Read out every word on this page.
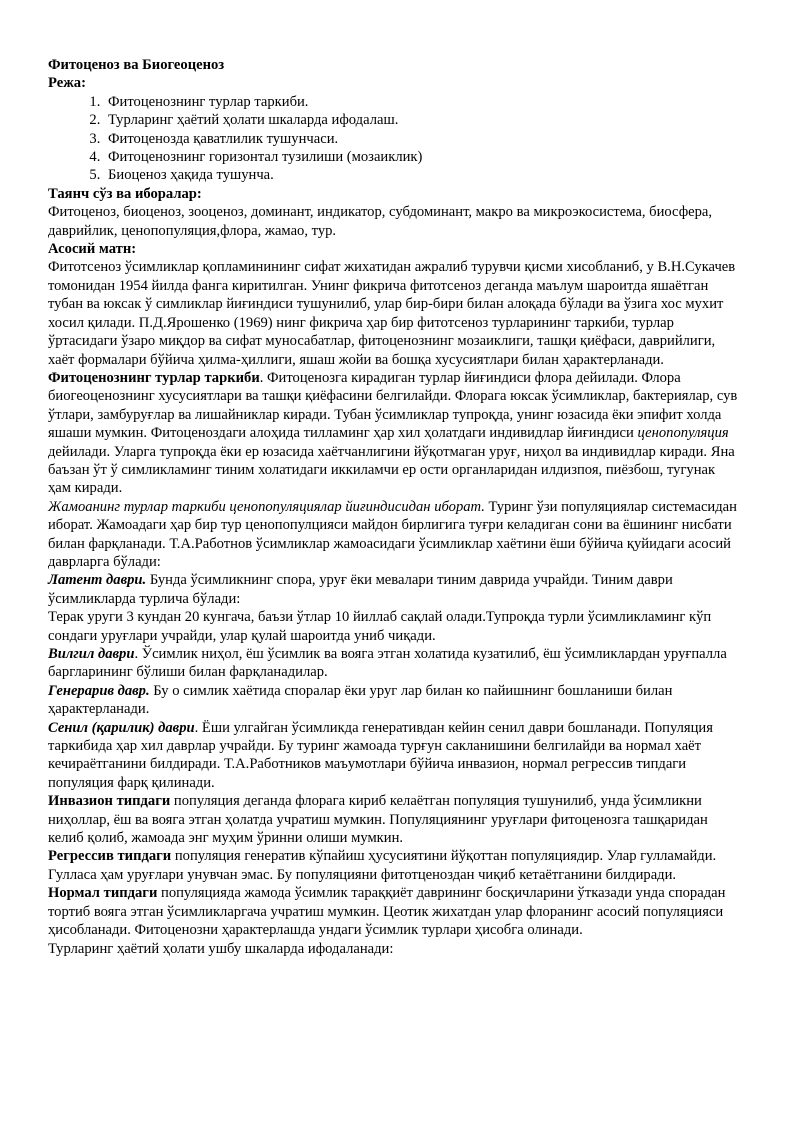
Фитоценоз ва Биогеоценоз

Режа:

1. Фитоценознинг турлар таркиби.
2. Турларинг ҳаётий ҳолати шкаларда ифодалаш.
3. Фитоценозда қаватлилик тушунчаси.
4. Фитоценознинг горизонтал тузилиши (мозаиклик)
5. Биоценоз ҳақида тушунча.

Таянч сўз ва иборалар:

Фитоценоз, биоценоз, зооценоз, доминант, индикатор, субдоминант, макро ва микроэкосистема, биосфера, даврийлик, ценопопуляция,флора, жамао, тур.

Асосий матн:

Фитотсеноз ўсимликлар қопламинининг сифат жихатидан ажралиб турувчи қисми хисобланиб, у В.Н.Сукачев томонидан 1954 йилда фанга киритилган. Унинг фикрича фитотсеноз деганда маълум шароитда яшаётган тубан ва юксак ў симликлар йиғиндиси тушунилиб, улар бир-бири билан алоқада бўлади ва ўзига хос мухит хосил қилади. П.Д.Ярошенко (1969) нинг фикрича ҳар бир фитотсеноз турларининг таркиби, турлар ўртасидаги ўзаро миқдор ва сифат муносабатлар, фитоценознинг мозаиклиги, ташқи қиёфаси, даврийлиги, хаёт формалари бўйича ҳилма-ҳиллиги, яшаш жойи ва бошқа хусусиятлари билан ҳарактерланади.

Фитоценознинг турлар таркиби. Фитоценозга кирадиган турлар йиғиндиси флора дейилади. Флора биогеоценознинг хусусиятлари ва ташқи қиёфасини белгилайди. Флорага юксак ўсимликлар, бактериялар, сув ўтлари, замбуруғлар ва лишайниклар киради. Тубан ўсимликлар тупроқда, унинг юзасида ёки эпифит холда яшаши мумкин. Фитоценоздаги алоҳида тилламинг ҳар хил ҳолатдаги индивидлар йиғиндиси ценопопуляция дейилади. Уларга тупроқда ёки ер юзасида хаётчанлигини йўқотмаган уруғ, ниҳол ва индивидлар киради. Яна баъзан ўт ў симликламинг тиним холатидаги иккиламчи ер ости органларидан илдизпоя, пиёзбош, тугунак ҳам киради.

Жамоанинг турлар таркиби ценопопуляциялар йиғиндисидан иборат. Туринг ўзи популяциялар системасидан иборат. Жамоадаги ҳар бир тур ценопопулцияси майдон бирлигига туғри келадиган сони ва ёшининг нисбати билан фарқланади. Т.А.Работнов ўсимликлар жамоасидаги ўсимликлар хаётини ёши бўйича қуйидаги асосий даврларга бўлади:

Латент даври. Бунда ўсимликнинг спора, уруғ ёки мевалари тиним даврида учрайди. Тиним даври ўсимликларда турлича бўлади:

Терак уруги 3 кундан 20 кунгача, баъзи ўтлар 10 йиллаб сақлай олади.Тупроқда турли ўсимликламинг кўп сондаги уруғлари учрайди, улар қулай шароитда униб чиқади.

Вилгил даври. Ўсимлик ниҳол, ёш ўсимлик ва вояга этган холатида кузатилиб, ёш ўсимликлардан уруғпалла баргларининг бўлиши билан фарқланадилар.

Генерарив давр. Бу о симлик хаётида споралар ёки уруг лар билан ко пайишнинг бошланиши билан ҳарактерланади.

Сенил (қарилик) даври. Ёши улгайган ўсимликда генеративдан кейин сенил даври бошланади. Популяция таркибида ҳар хил даврлар учрайди. Бу туринг жамоада турғун сакланишини белгилайди ва нормал хаёт кечираётганини билдиради. Т.А.Работников маъумотлари бўйича инвазион, нормал регрессив типдаги популяция фарқ қилинади.

Инвазион типдаги популяция деганда флорага кириб келаётган популяция тушунилиб, унда ўсимликни ниҳоллар, ёш ва вояга этган ҳолатда учратиш мумкин. Популяциянинг уруғлари фитоценозга ташқаридан келиб қолиб, жамоада энг муҳим ўринни олиши мумкин.

Регрессив типдаги популяция генератив кўпайиш ҳусусиятини йўқоттан популяциядир. Улар гулламайди. Гулласа ҳам уруғлари унувчан эмас. Бу популяцияни фитотценоздан чиқиб кетаётганини билдиради.

Нормал типдаги популяцияда жамода ўсимлик тараққиёт даврининг босқичларини ўтказади унда спорадан тортиб вояга этган ўсимликларгача учратиш мумкин. Цеотик жихатдан улар флоранинг асосий популяцияси ҳисобланади. Фитоценозни ҳарактерлашда ундаги ўсимлик турлари ҳисобга олинади.

Турларинг ҳаётий ҳолати ушбу шкаларда ифодаланади:
